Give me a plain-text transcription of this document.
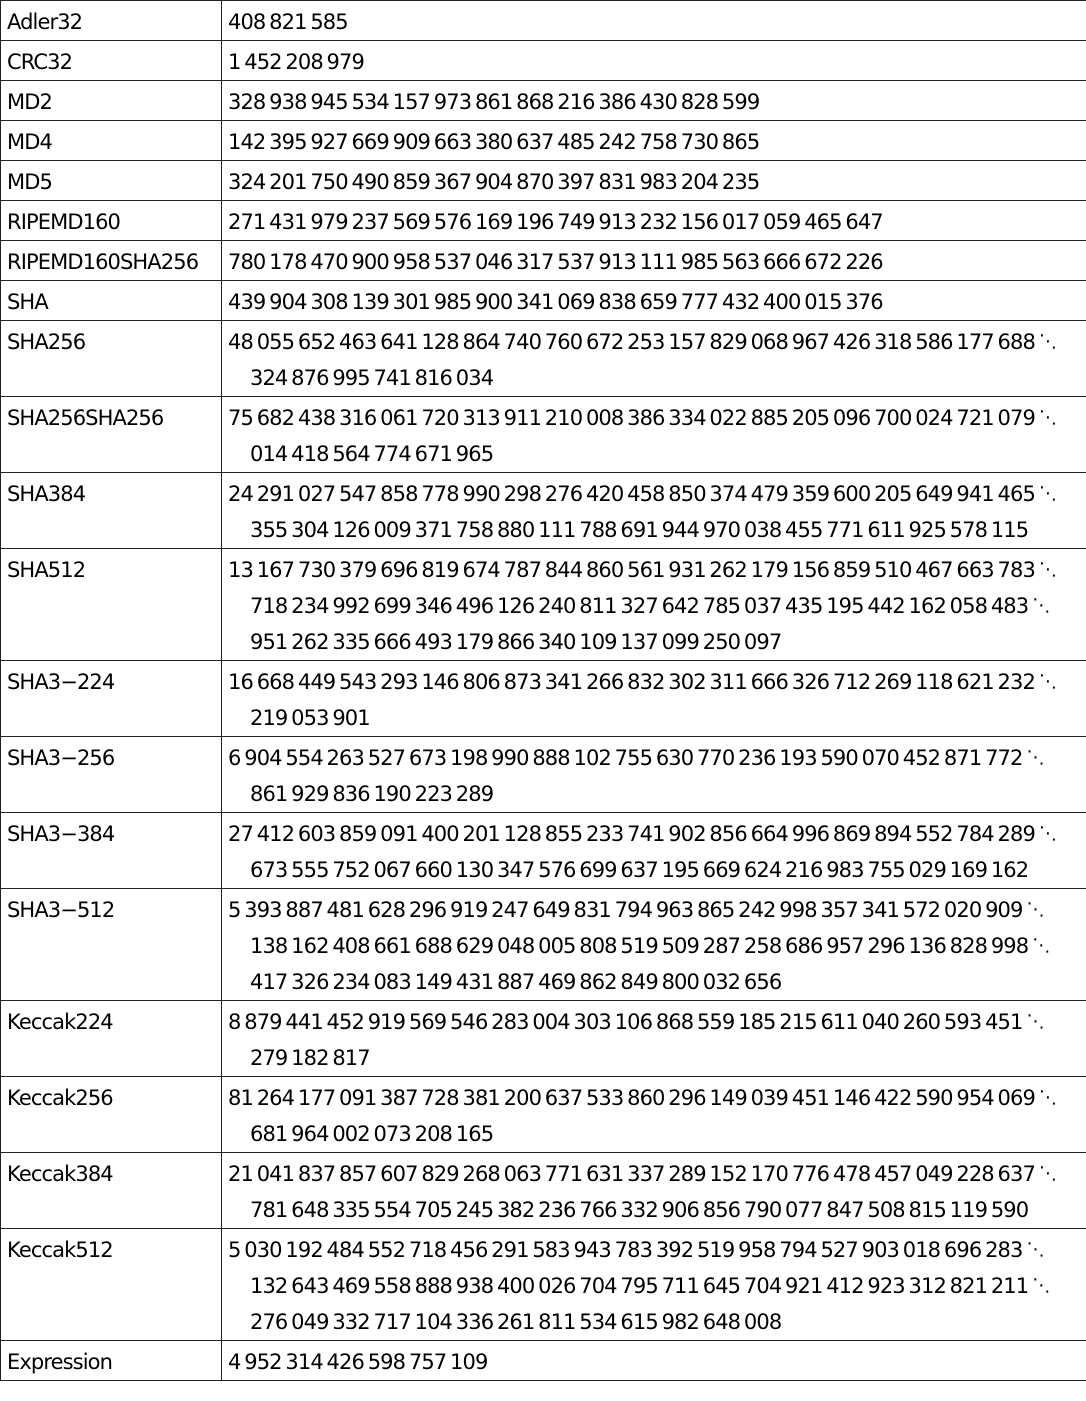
Adler32	408 821 585

CRC32	1 452 208 979

MD2	328 938 945 534 157 973 861 868 216 386 430 828 599

MD4	142 395 927 669 909 663 380 637 485 242 758 730 865

MD5	324 201 750 490 859 367 904 870 397 831 983 204 235

RIPEMD160	271 431 979 237 569 576 169 196 749 913 232 156 017 059 465 647

RIPEMD160SHA256	780 178 470 900 958 537 046 317 537 913 111 985 563 666 672 226

SHA	439 904 308 139 301 985 900 341 069 838 659 777 432 400 015 376

SHA256	48 055 652 463 641 128 864 740 760 672 253 157 829 068 967 426 318 586 177 688 ⋱
324 876 995 741 816 034

SHA256SHA256	75 682 438 316 061 720 313 911 210 008 386 334 022 885 205 096 700 024 721 079 ⋱
014 418 564 774 671 965

SHA384	24 291 027 547 858 778 990 298 276 420 458 850 374 479 359 600 205 649 941 465 ⋱
355 304 126 009 371 758 880 111 788 691 944 970 038 455 771 611 925 578 115

SHA512	13 167 730 379 696 819 674 787 844 860 561 931 262 179 156 859 510 467 663 783 ⋱
718 234 992 699 346 496 126 240 811 327 642 785 037 435 195 442 162 058 483 ⋱
951 262 335 666 493 179 866 340 109 137 099 250 097

SHA3−224	16 668 449 543 293 146 806 873 341 266 832 302 311 666 326 712 269 118 621 232 ⋱
219 053 901

SHA3−256	6 904 554 263 527 673 198 990 888 102 755 630 770 236 193 590 070 452 871 772 ⋱
861 929 836 190 223 289

SHA3−384	27 412 603 859 091 400 201 128 855 233 741 902 856 664 996 869 894 552 784 289 ⋱
673 555 752 067 660 130 347 576 699 637 195 669 624 216 983 755 029 169 162

SHA3−512	5 393 887 481 628 296 919 247 649 831 794 963 865 242 998 357 341 572 020 909 ⋱
138 162 408 661 688 629 048 005 808 519 509 287 258 686 957 296 136 828 998 ⋱
417 326 234 083 149 431 887 469 862 849 800 032 656

Keccak224	8 879 441 452 919 569 546 283 004 303 106 868 559 185 215 611 040 260 593 451 ⋱
279 182 817

Keccak256	81 264 177 091 387 728 381 200 637 533 860 296 149 039 451 146 422 590 954 069 ⋱
681 964 002 073 208 165

Keccak384	21 041 837 857 607 829 268 063 771 631 337 289 152 170 776 478 457 049 228 637 ⋱
781 648 335 554 705 245 382 236 766 332 906 856 790 077 847 508 815 119 590

Keccak512	5 030 192 484 552 718 456 291 583 943 783 392 519 958 794 527 903 018 696 283 ⋱
132 643 469 558 888 938 400 026 704 795 711 645 704 921 412 923 312 821 211 ⋱
276 049 332 717 104 336 261 811 534 615 982 648 008

Expression	4 952 314 426 598 757 109
